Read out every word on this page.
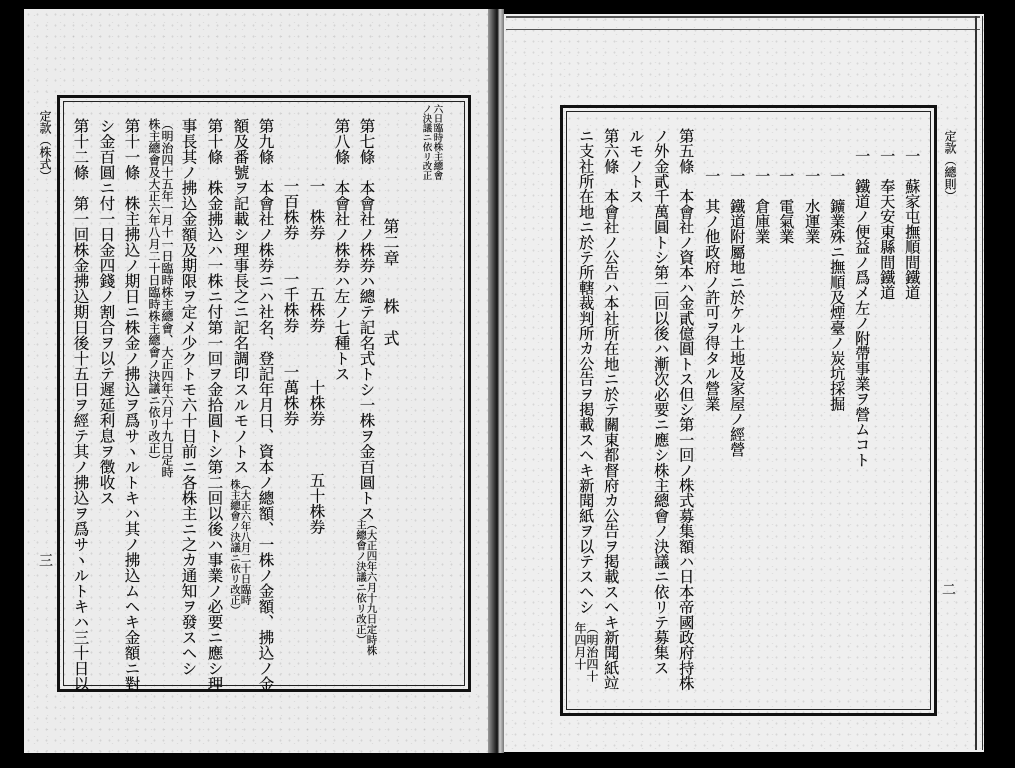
定款（株式）
三
六日臨時株主總會
ノ決議ニ依リ改正
第二章　　株　式
第七條　本會社ノ株券ハ總テ記名式トシ一株ヲ金百圓トス
（大正四年六月十九日定時株
主總會ノ決議ニ依リ改正）
第八條　本會社ノ株券ハ左ノ七種トス
一　株券　　　五株券　　　十株券　　　五十株券
一百株券　　一千株券　　一萬株券
第九條　本會社ノ株券ニハ社名、登記年月日、資本ノ總額、一株ノ金額、拂込ノ金
額及番號ヲ記載シ理事長之ニ記名調印スルモノトス
（大正六年八月二十日臨時
株主總會ノ決議ニ依リ改正）
第十條　株金拂込ハ一株ニ付第一回ヲ金拾圓トシ第二回以後ハ事業ノ必要ニ應シ理
事長其ノ拂込金額及期限ヲ定メ少クトモ六十日前ニ各株主ニ之カ通知ヲ發スヘシ
（明治四十五年一月十一日臨時株主總會、大正四年六月十九日定時
株主總會及大正六年八月二十日臨時株主總會ノ決議ニ依リ改正）
第十一條　株主拂込ノ期日ニ株金ノ拂込ヲ爲サヽルトキハ其ノ拂込ムヘキ金額ニ對
シ金百圓ニ付一日金四錢ノ割合ヲ以テ遲延利息ヲ徴收ス
第十二條　第一回株金拂込期日後十五日ヲ經テ其ノ拂込ヲ爲サヽルトキハ三十日以	定款（總則）
二
一　蘇家屯撫順間鐵道
一　奉天安東縣間鐵道
一　鐵道ノ便益ノ爲メ左ノ附帶事業ヲ營ムコト
一　鑛業殊ニ撫順及煙臺ノ炭坑採掘
一　水運業
一　電氣業
一　倉庫業
一　鐵道附屬地ニ於ケル土地及家屋ノ經營
一　其ノ他政府ノ許可ヲ得タル營業
第五條　本會社ノ資本ハ金貳億圓トス但シ第一回ノ株式募集額ハ日本帝國政府持株
ノ外金貳千萬圓トシ第二回以後ハ漸次必要ニ應シ株主總會ノ決議ニ依リテ募集ス
ルモノトス
第六條　本會社ノ公告ハ本社所在地ニ於テ關東都督府カ公告ヲ掲載スヘキ新聞紙竝
ニ支社所在地ニ於テ所轄裁判所カ公告ヲ掲載スヘキ新聞紙ヲ以テスヘシ
（明治四十
年四月十
